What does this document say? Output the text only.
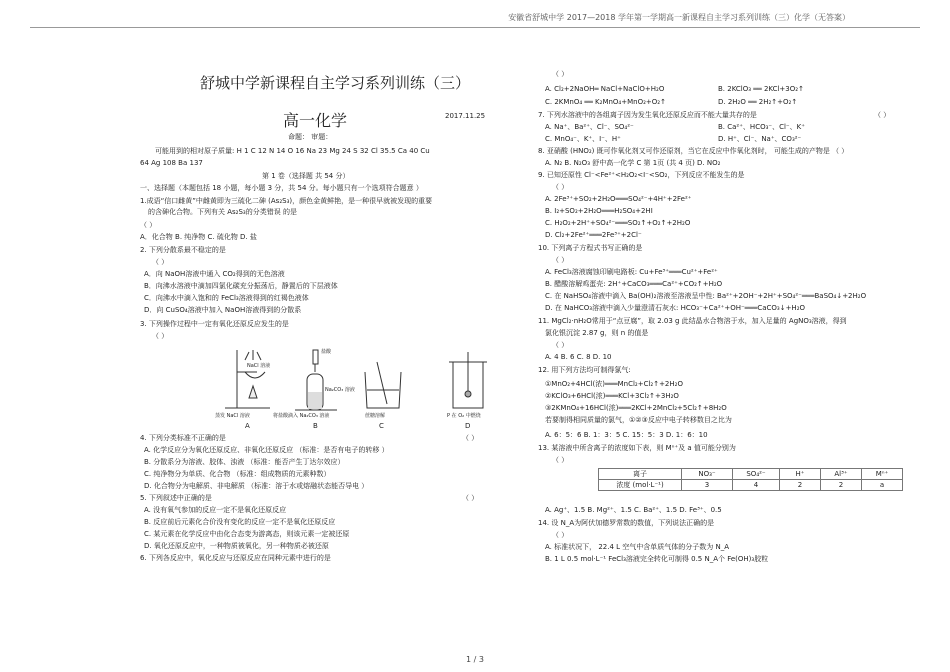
安徽省舒城中学 2017—2018 学年第一学期高一新课程自主学习系列训练（三）化学（无答案）
舒城中学新课程自主学习系列训练（三）
高一化学	2017.11.25
命题： 审题：
可能用到的相对原子质量: H 1 C 12 N 14 O 16 Na 23 Mg 24 S 32 Cl 35.5 Ca 40 Cu
64 Ag 108 Ba 137
第 1 卷（选择题 共 54 分）
一、选择题（本题包括 18 小题，每小题 3 分，共 54 分。每小题只有一个选项符合题意 ）
1.成语“信口雌黄”中雌黄即为三硫化二砷 (As₂S₃)，颜色金黄鲜艳，是一种很早就被发现的重要
的含砷化合物。下列有关 As₂S₃的分类错误 的是
（ ）
A．化合物 B. 纯净物 C. 硫化物 D. 盐
2. 下列分散系最不稳定的是
（ ）
A．向 NaOH溶液中通入 CO₂得到的无色溶液
B．向沸水溶液中滴加四氯化碳充分振荡后，静置后的下层液体
C．向沸水中滴入饱和的 FeCl₃溶液得到的红褐色液体
D．向 CuSO₄溶液中加入 NaOH溶液得到的分散系
3. 下列操作过程中一定有氧化还原反应发生的是
（ ）
NaCl 溶液
盐酸
Na₂CO₃ 溶液
蒸发 NaCl 溶液	将盐酸滴入 Na₂CO₃ 溶液	蔗糖溶解	P 在 O₂ 中燃烧
A	B	C	D
4. 下列分类标准不正确的是	（ ）
A. 化学反应分为氧化还原反应、非氧化还原反应 （标准：是否有电子的转移 ）
B. 分散系分为溶液、胶体、浊液 （标准：能否产生丁达尔效应）
C. 纯净物分为单质、化合物 （标准：组成物质的元素种数）
D. 化合物分为电解质、非电解质 （标准：溶于水或熔融状态能否导电 ）
5. 下列叙述中正确的是	（ ）
A. 没有氧气参加的反应一定不是氧化还原反应
B. 反应前后元素化合价没有变化的反应一定不是氧化还原反应
C. 某元素在化学反应中由化合态变为游离态，则该元素一定被还原
D. 氧化还原反应中，一种物质被氧化，另一种物质必被还原
6. 下列各反应中，氧化反应与还原反应在同种元素中进行的是
（ ）
A. Cl₂+2NaOH═ NaCl+NaClO+H₂O	B. 2KClO₃ ══ 2KCl+3O₂↑
C. 2KMnO₄ ══ K₂MnO₄+MnO₂+O₂↑	D. 2H₂O ══ 2H₂↑+O₂↑
7. 下列水溶液中的各组离子因为发生氧化还原反应而不能大量共存的是	（ ）
A. Na⁺、Ba²⁺、Cl⁻、SO₄²⁻	B. Ca²⁺、HCO₃⁻、Cl⁻、K⁺
C. MnO₄⁻、K⁺、I⁻、H⁺	D. H⁺、Cl⁻、Na⁺、CO₃²⁻
8. 亚硝酸 (HNO₂) 既可作氧化剂又可作还原剂，当它在反应中作氧化剂时， 可能生成的产物是 （ ）
A. N₂ B. N₂O₃ 舒中高一化学 C 第 1页 (共 4 页) D. NO₂
9. 已知还原性 Cl⁻<Fe²⁺<H₂O₂<I⁻<SO₂，下列反应不能发生的是
（ ）
A. 2Fe³⁺+SO₂+2H₂O═══SO₄²⁻+4H⁺+2Fe²⁺
B. I₂+SO₂+2H₂O═══H₂SO₄+2HI
C. H₂O₂+2H⁺+SO₄²⁻═══SO₂↑+O₂↑+2H₂O
D. Cl₂+2Fe²⁺═══2Fe³⁺+2Cl⁻
10. 下列离子方程式书写正确的是
（ ）
A. FeCl₃溶液腐蚀印刷电路板: Cu+Fe³⁺═══Cu²⁺+Fe²⁺
B. 醋酸溶解鸡蛋壳: 2H⁺+CaCO₃═══Ca²⁺+CO₂↑+H₂O
C. 在 NaHSO₄溶液中滴入 Ba(OH)₂溶液至溶液呈中性: Ba²⁺+2OH⁻+2H⁺+SO₄²⁻═══BaSO₄↓+2H₂O
D. 在 NaHCO₃溶液中滴入少量澄清石灰水: HCO₃⁻+Ca²⁺+OH⁻═══CaCO₃↓+H₂O
11. MgCl₂·nH₂O常用于“点豆腐”，取 2.03 g 此结晶水合物溶于水，加入足量的 AgNO₃溶液，得到
氯化银沉淀 2.87 g，则 n 的值是
（ ）
A. 4 B. 6 C. 8 D. 10
12. 用下列方法均可制得氯气:
①MnO₂+4HCl(浓)═══MnCl₂+Cl₂↑+2H₂O
②KClO₃+6HCl(浓)═══KCl+3Cl₂↑+3H₂O
③2KMnO₄+16HCl(浓)═══2KCl+2MnCl₂+5Cl₂↑+8H₂O
若要制得相同质量的氯气，①②③反应中电子转移数目之比为
A. 6：5：6 B. 1：3：5 C. 15：5：3 D. 1：6：10
13. 某溶液中所含离子的浓度如下表，则 Mⁿ⁺及 a 值可能分别为
（ ）
离子	NO₃⁻	SO₄²⁻	H⁺	Al³⁺	Mⁿ⁺
浓度 (mol·L⁻¹)	3	4	2	2	a
A. Ag⁺、1.5 B. Mg²⁺、1.5 C. Ba²⁺、1.5 D. Fe³⁺、0.5
14. 设 N_A为阿伏加德罗常数的数值，下列说法正确的是
（ ）
A. 标准状况下， 22.4 L 空气中含单质气体的分子数为 N_A
B. 1 L 0.5 mol·L⁻¹ FeCl₃溶液完全转化可制得 0.5 N_A个 Fe(OH)₃胶粒
1 / 3
